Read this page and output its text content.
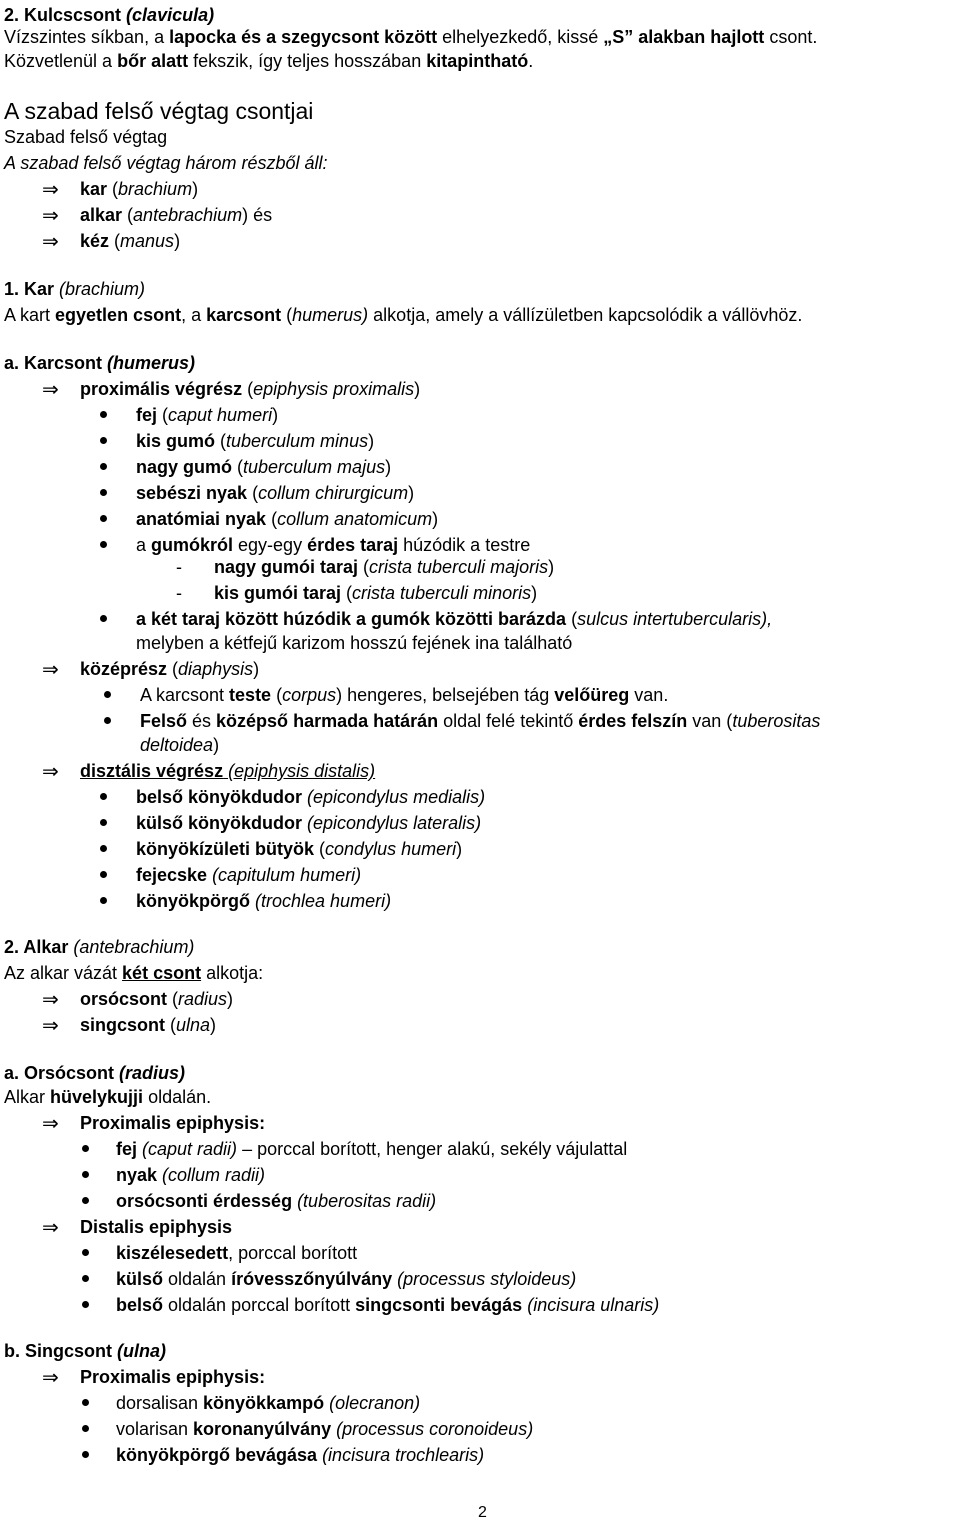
2. Kulcscsont (clavicula)
Vízszintes síkban, a lapocka és a szegycsont között elhelyezkedő, kissé „S” alakban hajlott csont.
Közvetlenül a bőr alatt fekszik, így teljes hosszában kitapintható.
A szabad felső végtag csontjai
Szabad felső végtag
A szabad felső végtag három részből áll:
⇒ kar (brachium)
⇒ alkar (antebrachium) és
⇒ kéz (manus)
1. Kar (brachium)
A kart egyetlen csont, a karcsont (humerus) alkotja, amely a vállízületben kapcsolódik a vállövhöz.
a. Karcsont (humerus)
⇒ proximális végrész (epiphysis proximalis)
fej (caput humeri)
kis gumó (tuberculum minus)
nagy gumó (tuberculum majus)
sebészi nyak (collum chirurgicum)
anatómiai nyak (collum anatomicum)
a gumókról egy-egy érdes taraj húzódik a testre
- nagy gumói taraj (crista tuberculi majoris)
- kis gumói taraj (crista tuberculi minoris)
a két taraj között húzódik a gumók közötti barázda (sulcus intertubercularis),
melyben a kétfejű karizom hosszú fejének ina található
⇒ középrész (diaphysis)
A karcsont teste (corpus) hengeres, belsejében tág velőüreg van.
Felső és középső harmada határán oldal felé tekintő érdes felszín van (tuberositas
deltoidea)
⇒ disztális végrész (epiphysis distalis)
belső könyökdudor (epicondylus medialis)
külső könyökdudor (epicondylus lateralis)
könyökízületi bütyök (condylus humeri)
fejecske (capitulum humeri)
könyökpörgő (trochlea humeri)
2. Alkar (antebrachium)
Az alkar vázát két csont alkotja:
⇒ orsócsont (radius)
⇒ singcsont (ulna)
a. Orsócsont (radius)
Alkar hüvelykujji oldalán.
⇒ Proximalis epiphysis:
fej (caput radii) – porccal borított, henger alakú, sekély vájulattal
nyak (collum radii)
orsócsonti érdesség (tuberositas radii)
⇒ Distalis epiphysis
kiszélesedett, porccal borított
külső oldalán íróvesszőnyúlvány (processus styloideus)
belső oldalán porccal borított singcsonti bevágás (incisura ulnaris)
b. Singcsont (ulna)
⇒ Proximalis epiphysis:
dorsalisan könyökkampó (olecranon)
volarisan koronanyúlvány (processus coronoideus)
könyökpörgő bevágása (incisura trochlearis)
2
